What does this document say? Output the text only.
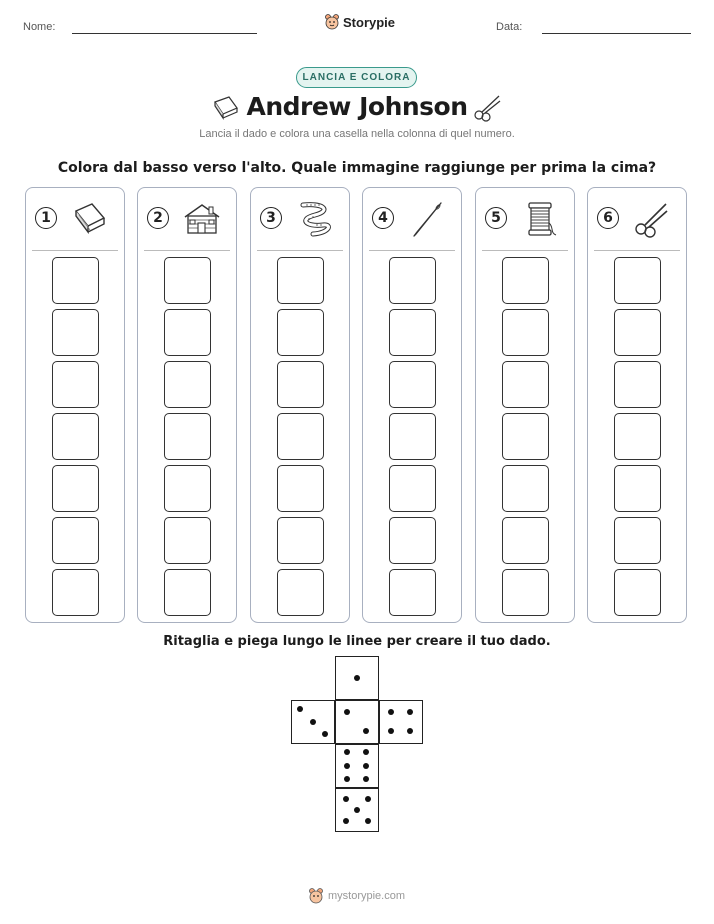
Nome:	Storypie	Data:
LANCIA E COLORA
Andrew Johnson
Lancia il dado e colora una casella nella colonna di quel numero.
Colora dal basso verso l'alto. Quale immagine raggiunge per prima la cima?
1	2	3	4	5	6
Ritaglia e piega lungo le linee per creare il tuo dado.
mystorypie.com
